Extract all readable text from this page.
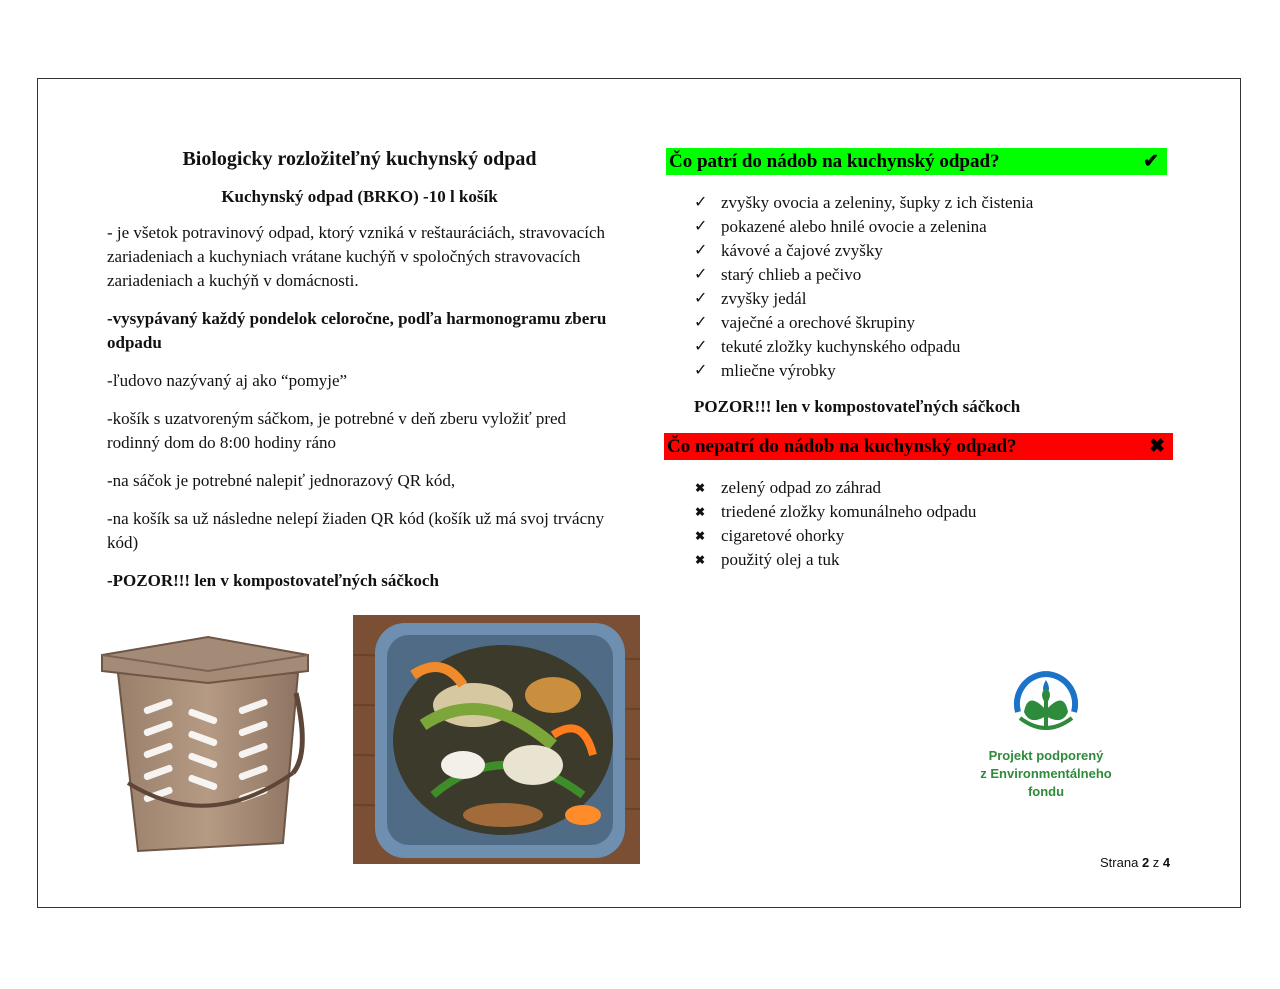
Biologicky rozložiteľný kuchynský odpad
Kuchynský odpad (BRKO) -10 l košík

- je všetok potravinový odpad, ktorý vzniká v reštauráciách, stravovacích zariadeniach a kuchyniach vrátane kuchýň v spoločných stravovacích zariadeniach a kuchýň v domácnosti.

-vysypávaný každý pondelok celoročne, podľa harmonogramu zberu odpadu

-ľudovo nazývaný aj ako “pomyje”

-košík s uzatvoreným sáčkom, je potrebné v deň zberu vyložiť pred rodinný dom do 8:00 hodiny ráno

-na sáčok je potrebné nalepiť jednorazový QR kód,

-na košík sa už následne nelepí žiaden QR kód (košík už má svoj trvácny kód)

-POZOR!!! len v kompostovateľných sáčkoch

Čo patrí do nádob na kuchynský odpad?	✔
✓ zvyšky ovocia a zeleniny, šupky z ich čistenia
✓ pokazené alebo hnilé ovocie a zelenina
✓ kávové a čajové zvyšky
✓ starý chlieb a pečivo
✓ zvyšky jedál
✓ vaječné a orechové škrupiny
✓ tekuté zložky kuchynského odpadu
✓ mliečne výrobky
POZOR!!! len v kompostovateľných sáčkoch
Čo nepatrí do nádob na kuchynský odpad?	✖
✖ zelený odpad zo záhrad
✖ triedené zložky komunálneho odpadu
✖ cigaretové ohorky
✖ použitý olej a tuk
Projekt podporený
z Environmentálneho
fondu
Strana 2 z 4
